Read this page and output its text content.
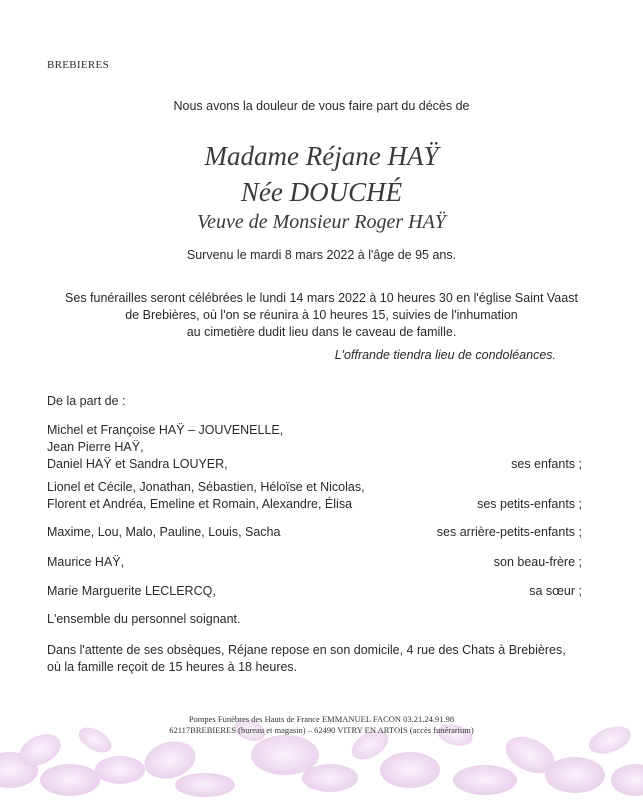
BREBIERES
Nous avons la douleur de vous faire part du décès de
Madame Réjane HAŸ
Née DOUCHÉ
Veuve de Monsieur Roger HAŸ
Survenu le mardi 8 mars 2022 à l'âge de 95 ans.
Ses funérailles seront célébrées le lundi 14 mars 2022 à 10 heures 30 en l'église Saint Vaast
de Brebières, où l'on se réunira à 10 heures 15, suivies de l'inhumation
au cimetière dudit lieu dans le caveau de famille.
L'offrande tiendra lieu de condoléances.
De la part de :
Michel et Françoise HAŸ – JOUVENELLE,
Jean Pierre HAŸ,
Daniel HAŸ et Sandra LOUYER,	ses enfants ;
Lionel et Cécile, Jonathan, Sébastien, Héloïse et Nicolas,
Florent et Andréa, Emeline et Romain, Alexandre, Élisa	ses petits-enfants ;
Maxime, Lou, Malo, Pauline, Louis, Sacha	ses arrière-petits-enfants ;
Maurice HAŸ,	son beau-frère ;
Marie Marguerite LECLERCQ,	sa sœur ;
L'ensemble du personnel soignant.
Dans l'attente de ses obsèques, Réjane repose en son domicile, 4 rue des Chats à Brebières,
où la famille reçoit de 15 heures à 18 heures.
Pompes Funèbres des Hauts de France EMMANUEL FACON 03.21.24.91.98
62117BREBIERES (bureau et magasin) – 62490 VITRY EN ARTOIS (accès funérarium)
